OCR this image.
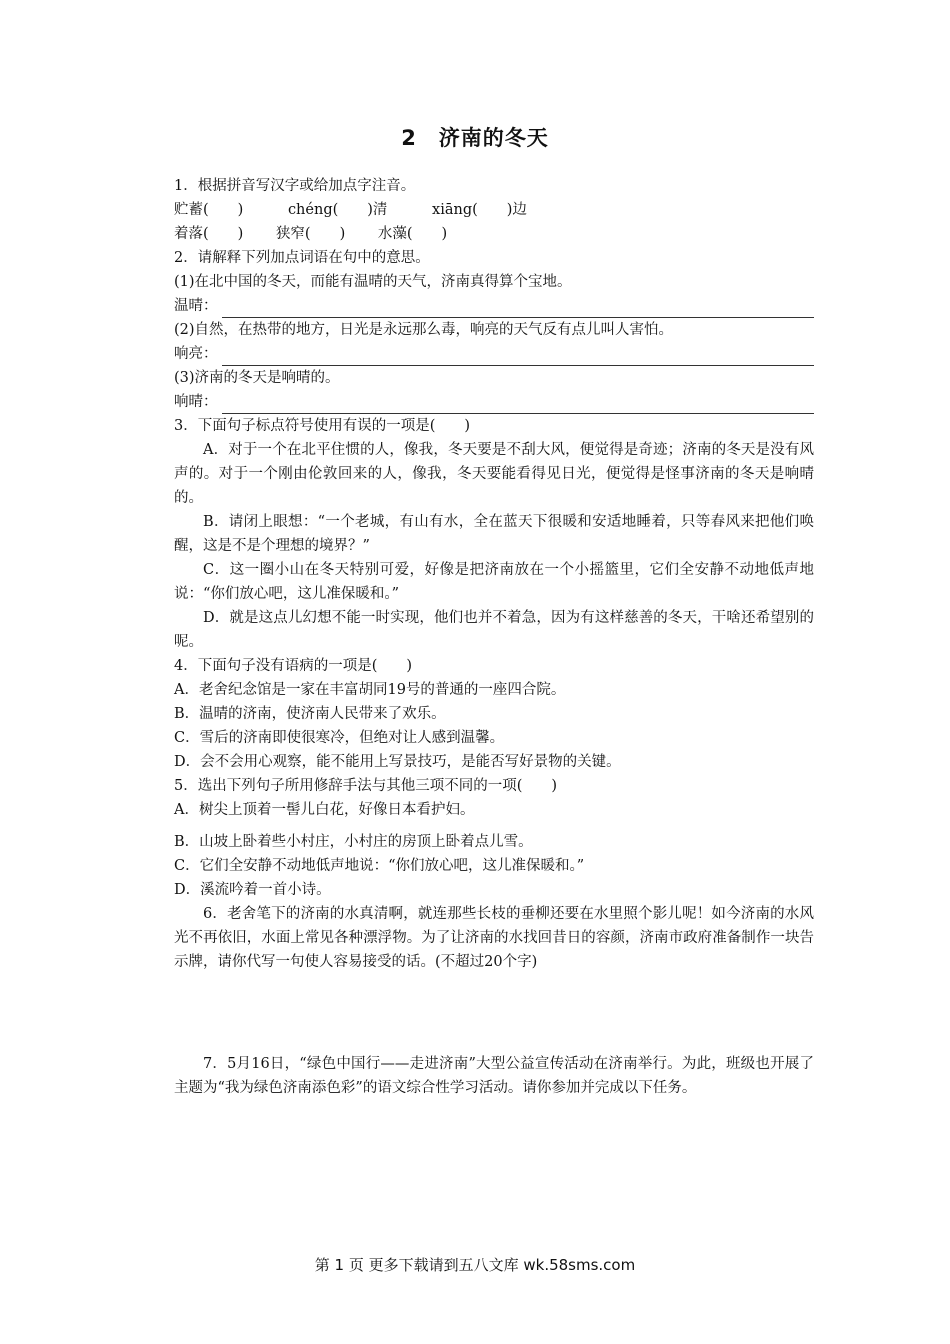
2　济南的冬天

1．根据拼音写汉字或给加点字注音。

贮蓄(　　)	chéng(　　)清	xiāng(　　)边

着落(　　) 狭窄(　　) 水藻(　　)

2．请解释下列加点词语在句中的意思。

(1)在北中国的冬天，而能有温晴的天气，济南真得算个宝地。

温晴：

(2)自然，在热带的地方，日光是永远那么毒，响亮的天气反有点儿叫人害怕。

响亮：

(3)济南的冬天是响晴的。

响晴：

3．下面句子标点符号使用有误的一项是(　　)

A．对于一个在北平住惯的人，像我，冬天要是不刮大风，便觉得是奇迹；济南的冬天是没有风声的。对于一个刚由伦敦回来的人，像我，冬天要能看得见日光，便觉得是怪事济南的冬天是响晴的。

B．请闭上眼想：“一个老城，有山有水，全在蓝天下很暖和安适地睡着，只等春风来把他们唤醒，这是不是个理想的境界？”

C．这一圈小山在冬天特别可爱，好像是把济南放在一个小摇篮里，它们全安静不动地低声地说：“你们放心吧，这儿准保暖和。”

D．就是这点儿幻想不能一时实现，他们也并不着急，因为有这样慈善的冬天，干啥还希望别的呢。

4．下面句子没有语病的一项是(　　)

A．老舍纪念馆是一家在丰富胡同19号的普通的一座四合院。

B．温晴的济南，使济南人民带来了欢乐。

C．雪后的济南即使很寒冷，但绝对让人感到温馨。

D．会不会用心观察，能不能用上写景技巧，是能否写好景物的关键。

5．选出下列句子所用修辞手法与其他三项不同的一项(　　)

A．树尖上顶着一髻儿白花，好像日本看护妇。

B．山坡上卧着些小村庄，小村庄的房顶上卧着点儿雪。

C．它们全安静不动地低声地说：“你们放心吧，这儿准保暖和。”

D．溪流吟着一首小诗。

6．老舍笔下的济南的水真清啊，就连那些长枝的垂柳还要在水里照个影儿呢！如今济南的水风光不再依旧，水面上常见各种漂浮物。为了让济南的水找回昔日的容颜，济南市政府准备制作一块告示牌，请你代写一句使人容易接受的话。(不超过20个字)

7．5月16日，“绿色中国行——走进济南”大型公益宣传活动在济南举行。为此，班级也开展了主题为“我为绿色济南添色彩”的语文综合性学习活动。请你参加并完成以下任务。

第 1 页 更多下载请到五八文库 wk.58sms.com
